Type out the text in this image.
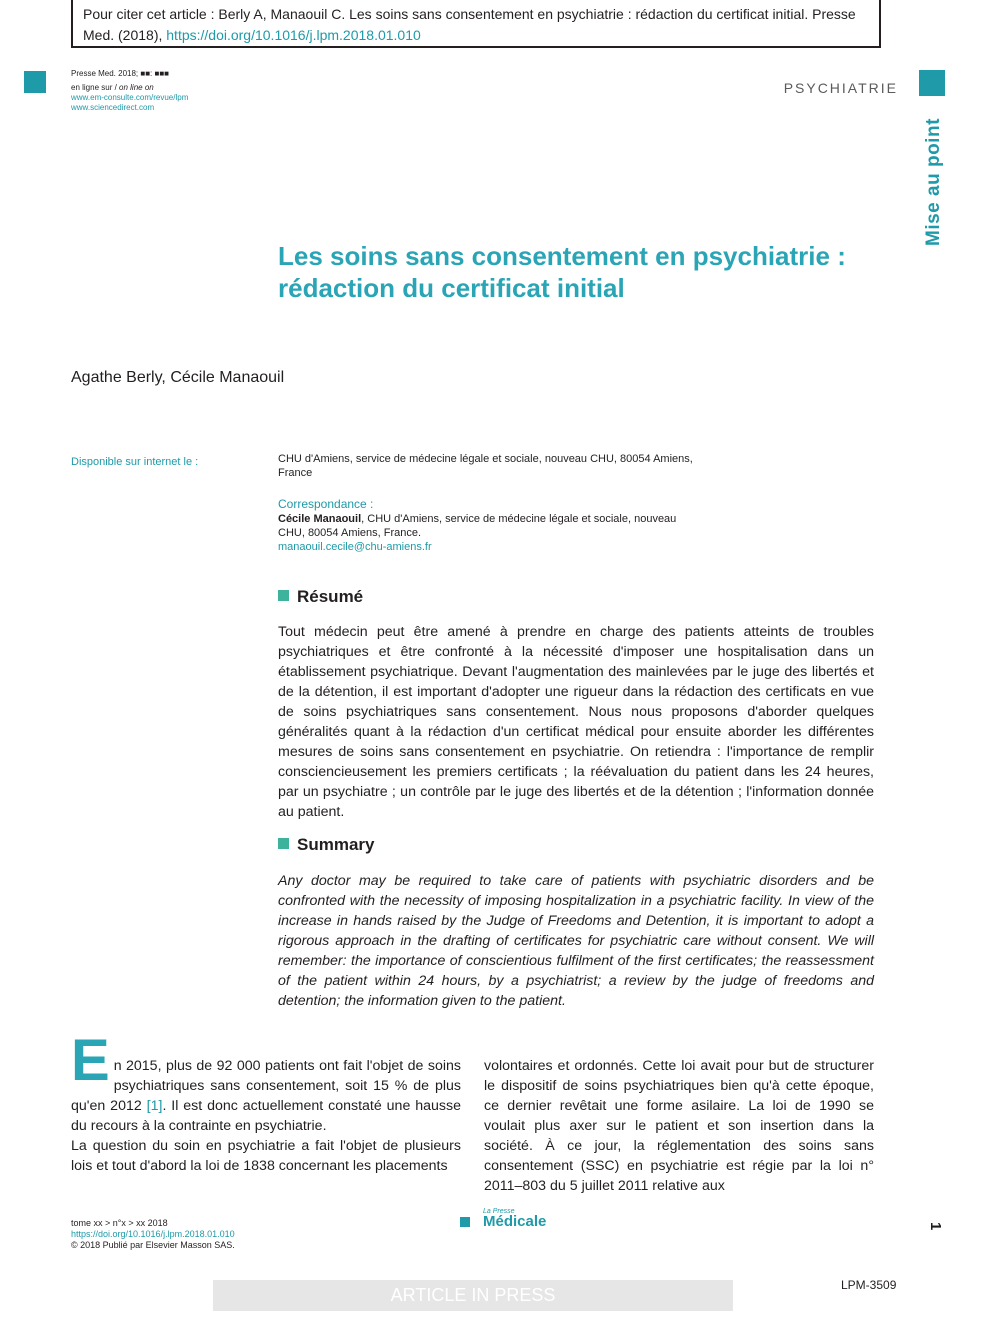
Pour citer cet article : Berly A, Manaouil C. Les soins sans consentement en psychiatrie : rédaction du certificat initial. Presse Med. (2018), https://doi.org/10.1016/j.lpm.2018.01.010
Presse Med. 2018; ■■: ■■■
en ligne sur / on line on
www.em-consulte.com/revue/lpm
www.sciencedirect.com
PSYCHIATRIE
Mise au point
Les soins sans consentement en psychiatrie : rédaction du certificat initial
Agathe Berly, Cécile Manaouil
Disponible sur internet le :	CHU d'Amiens, service de médecine légale et sociale, nouveau CHU, 80054 Amiens, France
Correspondance :
Cécile Manaouil, CHU d'Amiens, service de médecine légale et sociale, nouveau CHU, 80054 Amiens, France.
manaouil.cecile@chu-amiens.fr
Résumé
Tout médecin peut être amené à prendre en charge des patients atteints de troubles psychiatriques et être confronté à la nécessité d'imposer une hospitalisation dans un établissement psychiatrique. Devant l'augmentation des mainlevées par le juge des libertés et de la détention, il est important d'adopter une rigueur dans la rédaction des certificats en vue de soins psychiatriques sans consentement. Nous nous proposons d'aborder quelques généralités quant à la rédaction d'un certificat médical pour ensuite aborder les différentes mesures de soins sans consentement en psychiatrie. On retiendra : l'importance de remplir consciencieusement les premiers certificats ; la réévaluation du patient dans les 24 heures, par un psychiatre ; un contrôle par le juge des libertés et de la détention ; l'information donnée au patient.
Summary
Any doctor may be required to take care of patients with psychiatric disorders and be confronted with the necessity of imposing hospitalization in a psychiatric facility. In view of the increase in hands raised by the Judge of Freedoms and Detention, it is important to adopt a rigorous approach in the drafting of certificates for psychiatric care without consent. We will remember: the importance of conscientious fulfilment of the first certificates; the reassessment of the patient within 24 hours, by a psychiatrist; a review by the judge of freedoms and detention; the information given to the patient.
E n 2015, plus de 92 000 patients ont fait l'objet de soins psychiatriques sans consentement, soit 15 % de plus qu'en 2012 [1]. Il est donc actuellement constaté une hausse du recours à la contrainte en psychiatrie.
La question du soin en psychiatrie a fait l'objet de plusieurs lois et tout d'abord la loi de 1838 concernant les placements
volontaires et ordonnés. Cette loi avait pour but de structurer le dispositif de soins psychiatriques bien qu'à cette époque, ce dernier revêtait une forme asilaire. La loi de 1990 se voulait plus axer sur le patient et son insertion dans la société. À ce jour, la réglementation des soins sans consentement (SSC) en psychiatrie est régie par la loi n° 2011–803 du 5 juillet 2011 relative aux
tome xx > n°x > xx 2018
https://doi.org/10.1016/j.lpm.2018.01.010
© 2018 Publié par Elsevier Masson SAS.
La Presse
Médicale	1
ARTICLE IN PRESS	LPM-3509
